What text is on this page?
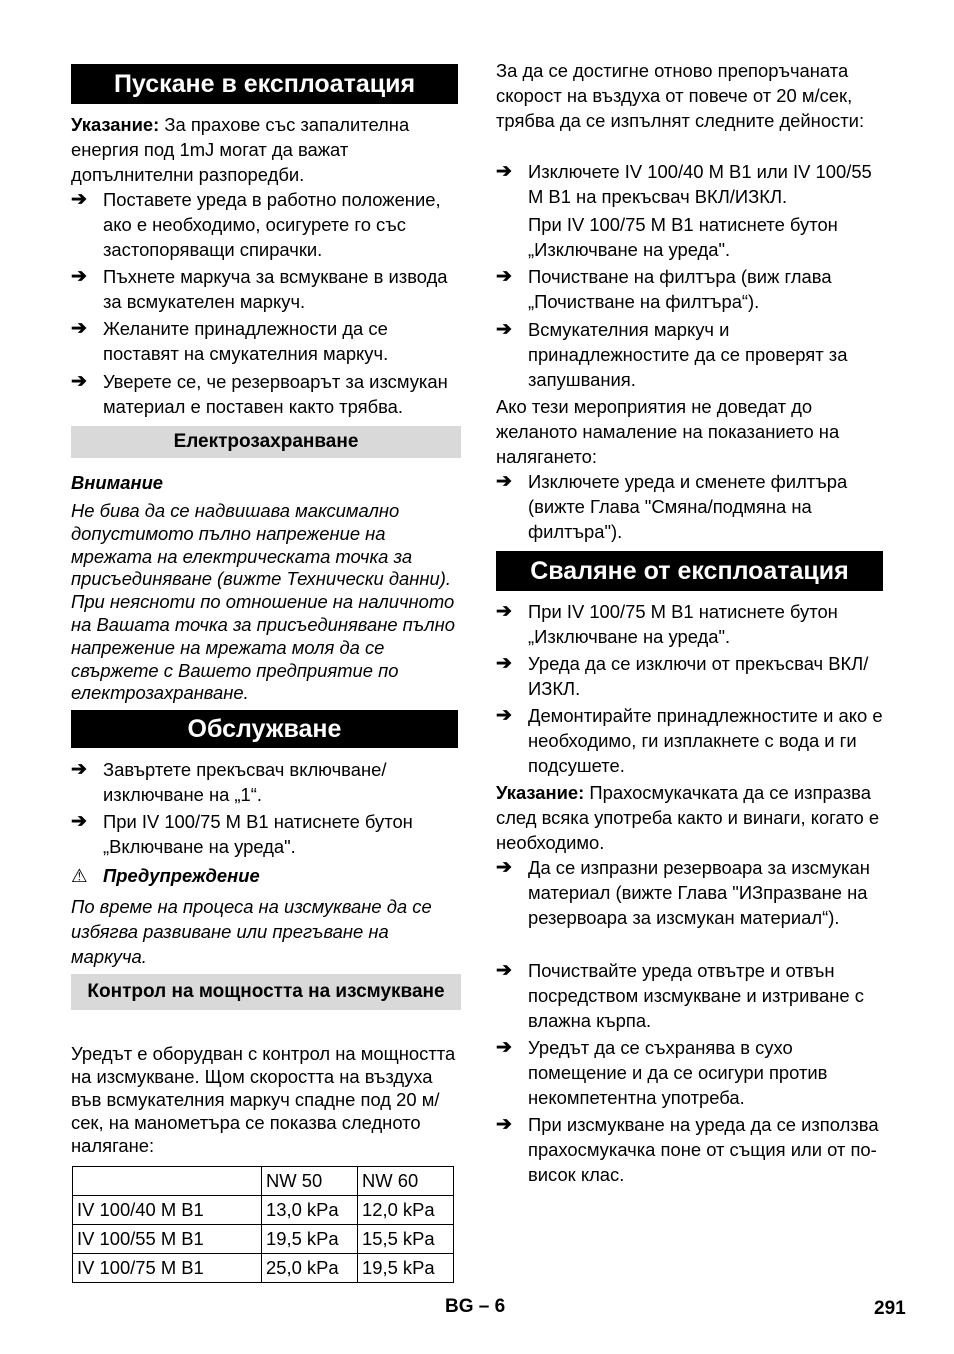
Пускане в експлоатация

Указание: За прахове със запалителна енергия под 1mJ могат да важат допълнителни разпоредби.

➔ Поставете уреда в работно положение, ако е необходимо, осигурете го със застопоряващи спирачки.
➔ Пъхнете маркуча за всмукване в извода за всмукателен маркуч.
➔ Желаните принадлежности да се поставят на смукателния маркуч.
➔ Уверете се, че резервоарът за изсмукан материал е поставен както трябва.
Електрозахранване

Внимание

Не бива да се надвишава максимално допустимото пълно напрежение на мрежата на електрическата точка за присъединяване (вижте Технически данни). При неясноти по отношение на наличното на Вашата точка за присъединяване пълно напрежение на мрежата моля да се свържете с Вашето предприятие по електрозахранване.

Обслужване
➔ Завъртете прекъсвач включване/изключване на „1“.
➔ При IV 100/75 M B1 натиснете бутон „Включване на уреда".

⚠ Предупреждение

По време на процеса на изсмукване да се избягва развиване или прегъване на маркуча.

Контрол на мощността на изсмукване

Уредът е оборудван с контрол на мощността на изсмукване. Щом скоростта на въздуха във всмукателния маркуч спадне под 20 м/сек, на манометъра се показва следното налягане:

	NW 50	NW 60
IV 100/40 M B1	13,0 kPa	12,0 kPa
IV 100/55 M B1	19,5 kPa	15,5 kPa
IV 100/75 M B1	25,0 kPa	19,5 kPa

За да се достигне отново препоръчаната скорост на въздуха от повече от 20 м/сек, трябва да се изпълнят следните дейности:

➔ Изключете IV 100/40 M B1 или IV 100/55 M B1 на прекъсвач ВКЛ/ИЗКЛ.

При IV 100/75 M B1 натиснете бутон „Изключване на уреда".

➔ Почистване на филтъра (виж глава „Почистване на филтъра“).
➔ Всмукателния маркуч и принадлежностите да се проверят за запушвания.

Ако тези мероприятия не доведат до желаното намаление на показанието на налягането:

➔ Изключете уреда и сменете филтъра (вижте Глава "Смяна/подмяна на филтъра").
Сваляне от експлоатация
➔ При IV 100/75 M B1 натиснете бутон „Изключване на уреда".
➔ Уреда да се изключи от прекъсвач ВКЛ/ИЗКЛ.
➔ Демонтирайте принадлежностите и ако е необходимо, ги изплакнете с вода и ги подсушете.

Указание: Прахосмукачката да се изпразва след всяка употреба както и винаги, когато е необходимо.

➔ Да се изпразни резервоара за изсмукан материал (вижте Глава "ИЗпразване на резервоара за изсмукан материал“).
➔ Почиствайте уреда отвътре и отвън посредством изсмукване и изтриване с влажна кърпа.
➔ Уредът да се съхранява в сухо помещение и да се осигури против некомпетентна употреба.
➔ При изсмукване на уреда да се използва прахосмукачка поне от същия или от по-висок клас.
BG – 6	291
